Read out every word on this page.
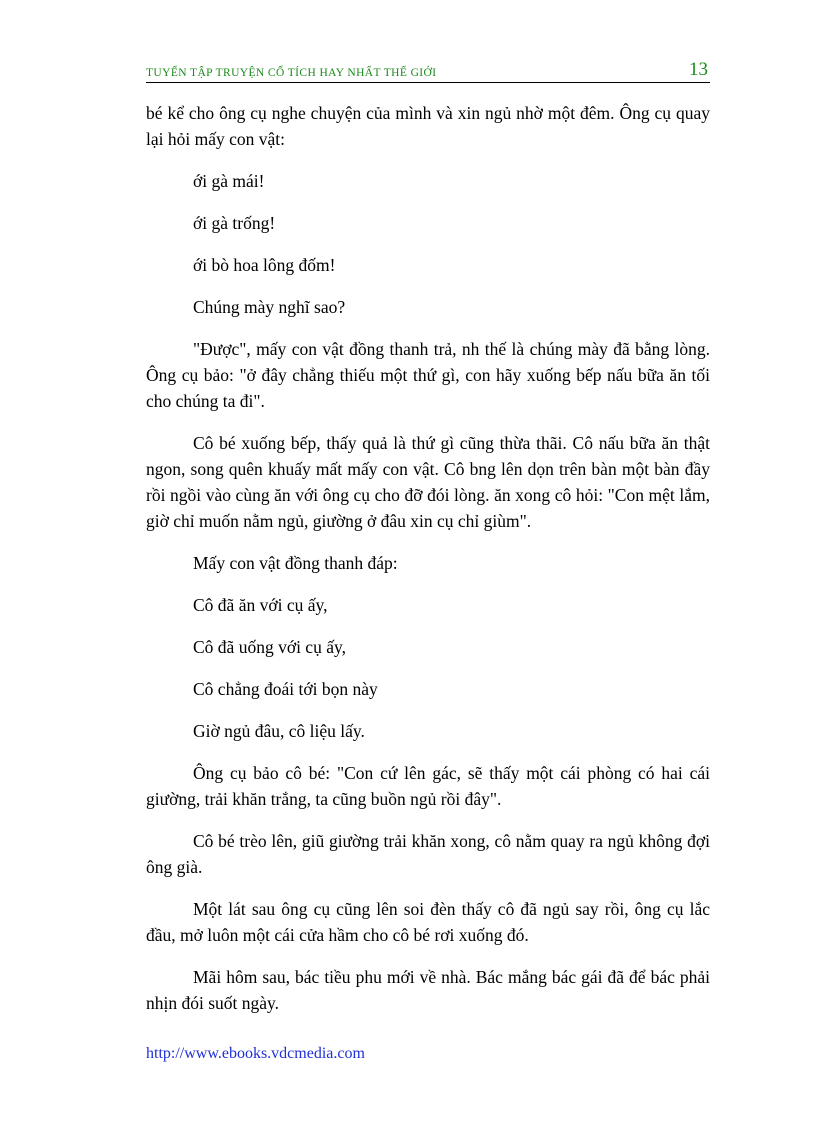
TUYỂN TẬP TRUYỆN CỔ TÍCH HAY NHẤT THẾ GIỚI	13

bé kể cho ông cụ nghe chuyện của mình và xin ngủ nhờ một đêm. Ông cụ quay lại hỏi mấy con vật:

ới gà mái!

ới gà trống!

ới bò hoa lông đốm!

Chúng mày nghĩ sao?

"Được", mấy con vật đồng thanh trả, nh thế là chúng mày đã bằng lòng. Ông cụ bảo: "ở đây chẳng thiếu một thứ gì, con hãy xuống bếp nấu bữa ăn tối cho chúng ta đi".

Cô bé xuống bếp, thấy quả là thứ gì cũng thừa thãi. Cô nấu bữa ăn thật ngon, song quên khuấy mất mấy con vật. Cô bng lên dọn trên bàn một bàn đầy rồi ngồi vào cùng ăn với ông cụ cho đỡ đói lòng. ăn xong cô hỏi: "Con mệt lắm, giờ chỉ muốn nằm ngủ, giường ở đâu xin cụ chỉ giùm".

Mấy con vật đồng thanh đáp:

Cô đã ăn với cụ ấy,

Cô đã uống với cụ ấy,

Cô chẳng đoái tới bọn này

Giờ ngủ đâu, cô liệu lấy.

Ông cụ bảo cô bé: "Con cứ lên gác, sẽ thấy một cái phòng có hai cái giường, trải khăn trắng, ta cũng buồn ngủ rồi đây".

Cô bé trèo lên, giũ giường trải khăn xong, cô nằm quay ra ngủ không đợi ông già.

Một lát sau ông cụ cũng lên soi đèn thấy cô đã ngủ say rồi, ông cụ lắc đầu, mở luôn một cái cửa hầm cho cô bé rơi xuống đó.

Mãi hôm sau, bác tiều phu mới về nhà. Bác mắng bác gái đã để bác phải nhịn đói suốt ngày.

http://www.ebooks.vdcmedia.com
